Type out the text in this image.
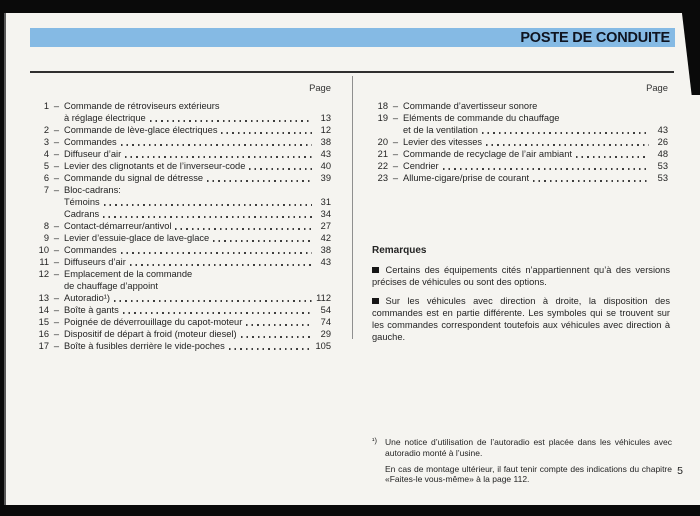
POSTE DE CONDUITE
Page	Page
1 – Commande de rétroviseurs extérieurs
à réglage électrique	13
2 – Commande de lève-glace électriques	12
3 – Commandes	38
4 – Diffuseur d’air	43
5 – Levier des clignotants et de l’inverseur-code	40
6 – Commande du signal de détresse	39
7 – Bloc-cadrans:
Témoins	31
Cadrans	34
8 – Contact-démarreur/antivol	27
9 – Levier d’essuie-glace de lave-glace	42
10 – Commandes	38
11 – Diffuseurs d’air	43
12 – Emplacement de la commande
de chauffage d’appoint
13 – Autoradio¹)	112
14 – Boîte à gants	54
15 – Poignée de déverrouillage du capot-moteur	74
16 – Dispositif de départ à froid (moteur diesel)	29
17 – Boîte à fusibles derrière le vide-poches	105
18 – Commande d’avertisseur sonore
19 – Eléments de commande du chauffage
et de la ventilation	43
20 – Levier des vitesses	26
21 – Commande de recyclage de l’air ambiant	48
22 – Cendrier	53
23 – Allume-cigare/prise de courant	53

Remarques

Certains des équipements cités n’appartiennent qu’à des versions précises de véhicules ou sont des options.

Sur les véhicules avec direction à droite, la disposition des commandes est en partie différente. Les symboles qui se trouvent sur les commandes correspondent toutefois aux véhicules avec direction à gauche.

¹) Une notice d’utilisation de l’autoradio est placée dans les véhicules avec autoradio monté à l’usine.

En cas de montage ultérieur, il faut tenir compte des indications du chapitre «Faites-le vous-même» à la page 112.

5
